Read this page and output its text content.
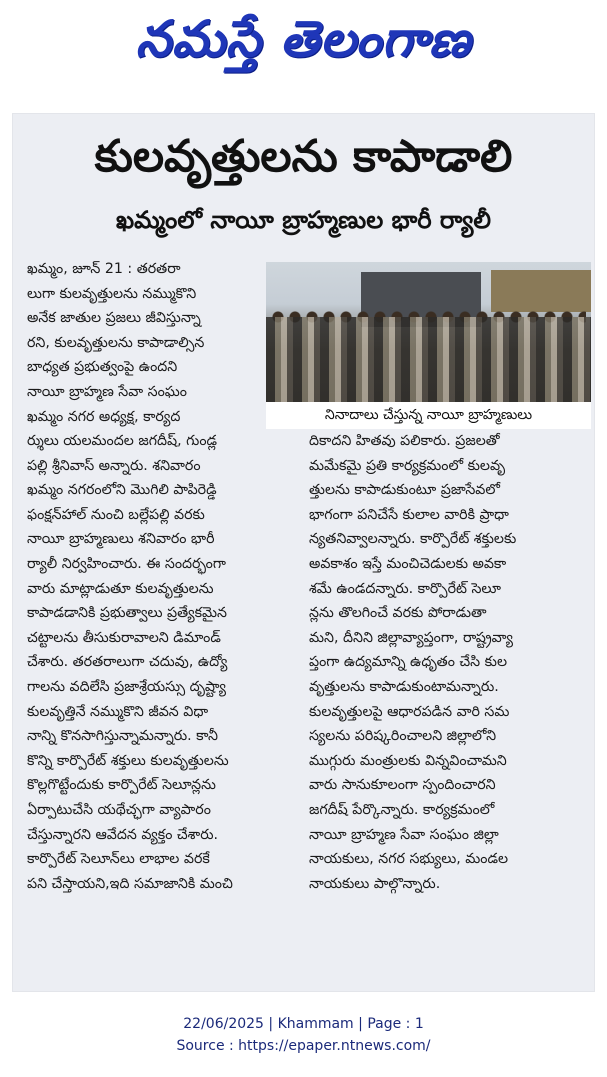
నమస్తే తెలంగాణ
కులవృత్తులను కాపాడాలి
ఖమ్మంలో నాయీ బ్రాహ్మణుల భారీ ర్యాలీ
ఖమ్మం, జూన్ 21 : తరతరా
లుగా కులవృత్తులను నమ్ముకొని
అనేక జాతుల ప్రజలు జీవిస్తున్నా
రని, కులవృత్తులను కాపాడాల్సిన
బాధ్యత ప్రభుత్వంపై ఉందని
నాయీ బ్రాహ్మణ సేవా సంఘం
ఖమ్మం నగర అధ్యక్ష, కార్యద	నినాదాలు చేస్తున్న నాయీ బ్రాహ్మణులు
ర్శులు యలమందల జగదీష్, గుండ్ల
పల్లి శ్రీనివాస్ అన్నారు. శనివారం
ఖమ్మం నగరంలోని మొగిలి పాపిరెడ్డి
ఫంక్షన్‌హాల్ నుంచి బల్లేపల్లి వరకు
నాయీ బ్రాహ్మణులు శనివారం భారీ
ర్యాలీ నిర్వహించారు. ఈ సందర్భంగా
వారు మాట్లాడుతూ కులవృత్తులను
కాపాడడానికి ప్రభుత్వాలు ప్రత్యేకమైన
చట్టాలను తీసుకురావాలని డిమాండ్
చేశారు. తరతరాలుగా చదువు, ఉద్యో
గాలను వదిలేసి ప్రజాశ్రేయస్సు దృష్ట్యా
కులవృత్తినే నమ్ముకొని జీవన విధా
నాన్ని కొనసాగిస్తున్నామన్నారు. కానీ
కొన్ని కార్పొరేట్ శక్తులు కులవృత్తులను
కొల్లగొట్టేందుకు కార్పొరేట్ సెలూన్లను
ఏర్పాటుచేసి యథేచ్ఛగా వ్యాపారం
చేస్తున్నారని ఆవేదన వ్యక్తం చేశారు.
కార్పొరేట్ సెలూన్‌లు లాభాల వరకే
పని చేస్తాయని,ఇది సమాజానికి మంచి
దికాదని హితవు పలికారు. ప్రజలతో
మమేకమై ప్రతి కార్యక్రమంలో కులవృ
త్తులను కాపాడుకుంటూ ప్రజాసేవలో
భాగంగా పనిచేసే కులాల వారికి ప్రాధా
న్యతనివ్వాలన్నారు. కార్పొరేట్ శక్తులకు
అవకాశం ఇస్తే మంచిచెడులకు అవకా
శమే ఉండదన్నారు. కార్పొరేట్ సెలూ
న్లను తొలగించే వరకు పోరాడుతా
మని, దీనిని జిల్లావ్యాప్తంగా, రాష్ట్రవ్యా
ప్తంగా ఉద్యమాన్ని ఉధృతం చేసి కుల
వృత్తులను కాపాడుకుంటామన్నారు.
కులవృత్తులపై ఆధారపడిన వారి సమ
స్యలను పరిష్కరించాలని జిల్లాలోని
ముగ్గురు మంత్రులకు విన్నవించామని
వారు సానుకూలంగా స్పందించారని
జగదీష్ పేర్కొన్నారు. కార్యక్రమంలో
నాయీ బ్రాహ్మణ సేవా సంఘం జిల్లా
నాయకులు, నగర సభ్యులు, మండల
నాయకులు పాల్గొన్నారు.
22/06/2025 | Khammam | Page : 1
Source : https://epaper.ntnews.com/
